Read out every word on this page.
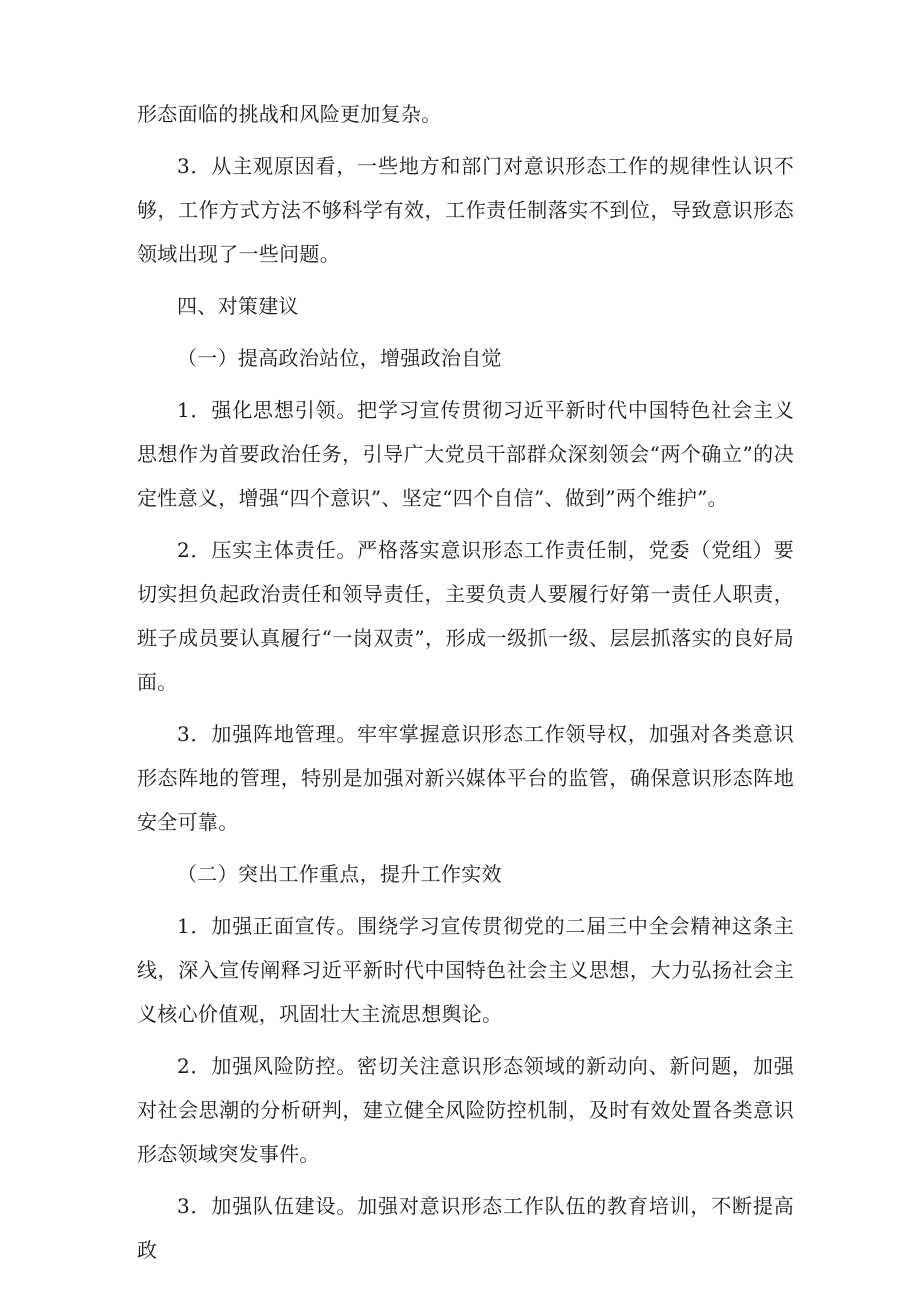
形态面临的挑战和风险更加复杂。

3．从主观原因看，一些地方和部门对意识形态工作的规律性认识不够，工作方式方法不够科学有效，工作责任制落实不到位，导致意识形态领域出现了一些问题。

四、对策建议

（一）提高政治站位，增强政治自觉

1．强化思想引领。把学习宣传贯彻习近平新时代中国特色社会主义思想作为首要政治任务，引导广大党员干部群众深刻领会“两个确立”的决定性意义，增强“四个意识”、坚定“四个自信”、做到”两个维护”。

2．压实主体责任。严格落实意识形态工作责任制，党委（党组）要切实担负起政治责任和领导责任，主要负责人要履行好第一责任人职责，班子成员要认真履行“一岗双责”，形成一级抓一级、层层抓落实的良好局面。

3．加强阵地管理。牢牢掌握意识形态工作领导权，加强对各类意识形态阵地的管理，特别是加强对新兴媒体平台的监管，确保意识形态阵地安全可靠。

（二）突出工作重点，提升工作实效

1．加强正面宣传。围绕学习宣传贯彻党的二届三中全会精神这条主线，深入宣传阐释习近平新时代中国特色社会主义思想，大力弘扬社会主义核心价值观，巩固壮大主流思想舆论。

2．加强风险防控。密切关注意识形态领域的新动向、新问题，加强对社会思潮的分析研判，建立健全风险防控机制，及时有效处置各类意识形态领域突发事件。

3．加强队伍建设。加强对意识形态工作队伍的教育培训，不断提高政
